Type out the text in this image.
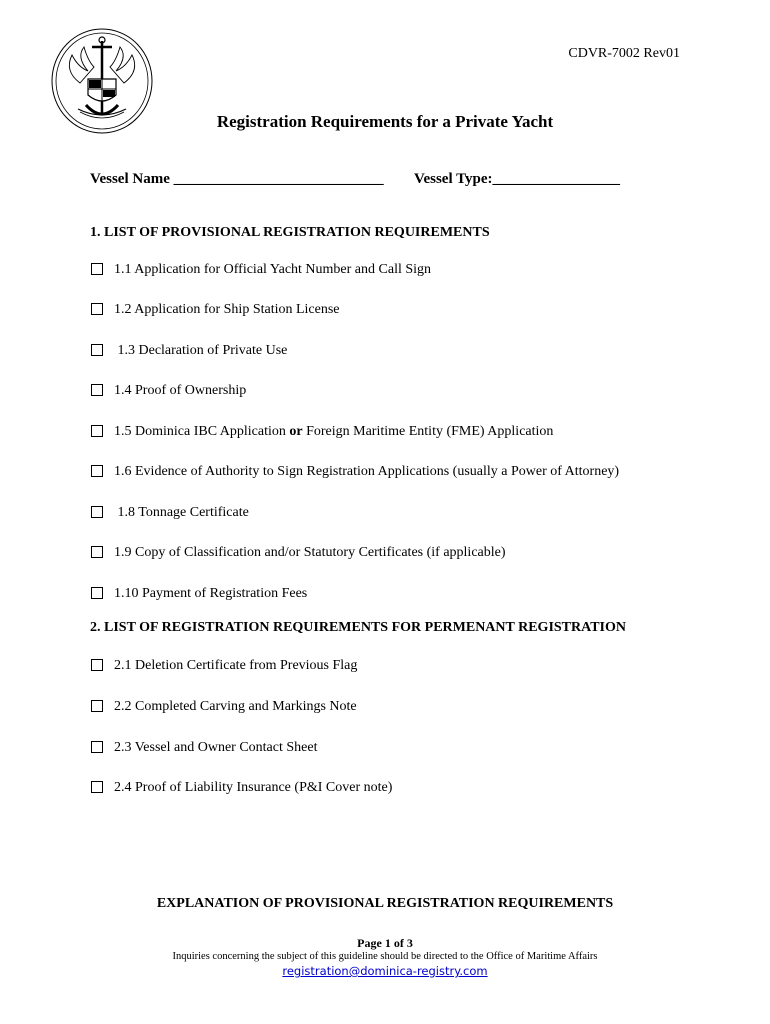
CDVR-7002 Rev01
Registration Requirements for a Private Yacht
Vessel Name ____________________________ Vessel Type:_________________
1. LIST OF PROVISIONAL REGISTRATION REQUIREMENTS
1.1 Application for Official Yacht Number and Call Sign
1.2 Application for Ship Station License
1.3 Declaration of Private Use
1.4 Proof of Ownership
1.5 Dominica IBC Application or Foreign Maritime Entity (FME) Application
1.6 Evidence of Authority to Sign Registration Applications (usually a Power of Attorney)
1.8 Tonnage Certificate
1.9 Copy of Classification and/or Statutory Certificates (if applicable)
1.10 Payment of Registration Fees
2. LIST OF REGISTRATION REQUIREMENTS FOR PERMENANT REGISTRATION
2.1 Deletion Certificate from Previous Flag
2.2 Completed Carving and Markings Note
2.3 Vessel and Owner Contact Sheet
2.4 Proof of Liability Insurance (P&I Cover note)
EXPLANATION OF PROVISIONAL REGISTRATION REQUIREMENTS
Page 1 of 3
Inquiries concerning the subject of this guideline should be directed to the Office of Maritime Affairs
registration@dominica-registry.com
